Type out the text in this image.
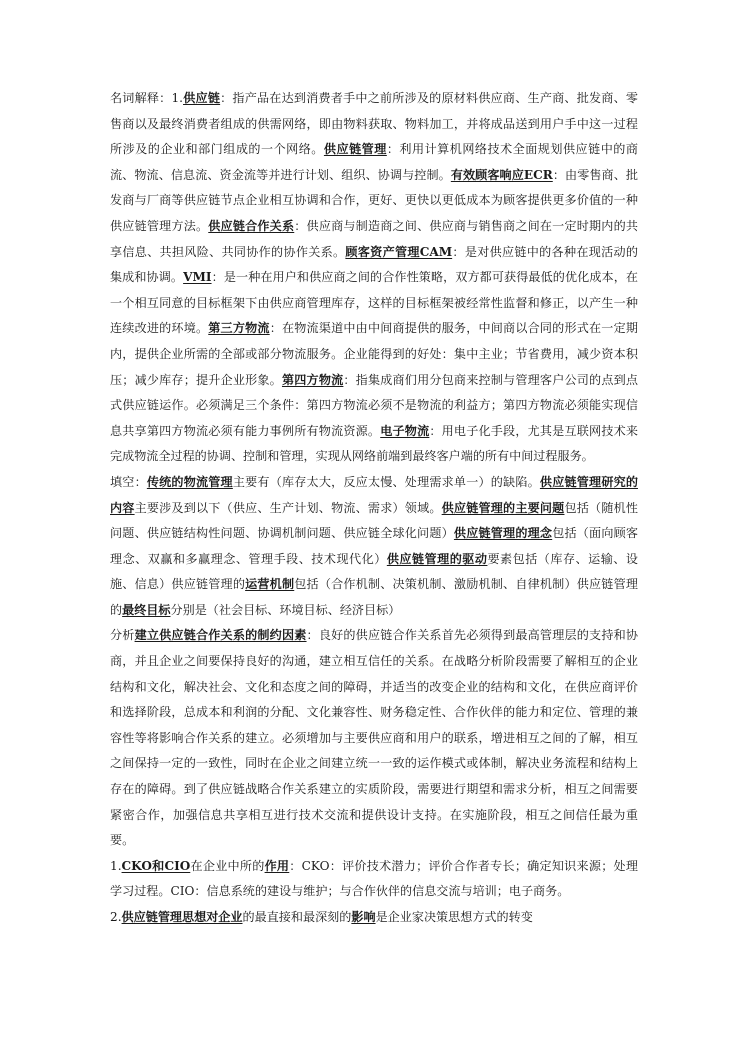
名词解释：1.供应链：指产品在达到消费者手中之前所涉及的原材料供应商、生产商、批发商、零售商以及最终消费者组成的供需网络，即由物料获取、物料加工，并将成品送到用户手中这一过程所涉及的企业和部门组成的一个网络。供应链管理：利用计算机网络技术全面规划供应链中的商流、物流、信息流、资金流等并进行计划、组织、协调与控制。有效顾客响应ECR：由零售商、批发商与厂商等供应链节点企业相互协调和合作，更好、更快以更低成本为顾客提供更多价值的一种供应链管理方法。供应链合作关系：供应商与制造商之间、供应商与销售商之间在一定时期内的共享信息、共担风险、共同协作的协作关系。顾客资产管理CAM：是对供应链中的各种在现活动的集成和协调。VMI：是一种在用户和供应商之间的合作性策略，双方都可获得最低的优化成本，在一个相互同意的目标框架下由供应商管理库存，这样的目标框架被经常性监督和修正，以产生一种连续改进的环境。第三方物流：在物流渠道中由中间商提供的服务，中间商以合同的形式在一定期内，提供企业所需的全部或部分物流服务。企业能得到的好处：集中主业；节省费用，减少资本积压；减少库存；提升企业形象。第四方物流：指集成商们用分包商来控制与管理客户公司的点到点式供应链运作。必须满足三个条件：第四方物流必须不是物流的利益方；第四方物流必须能实现信息共享第四方物流必须有能力事例所有物流资源。电子物流：用电子化手段，尤其是互联网技术来完成物流全过程的协调、控制和管理，实现从网络前端到最终客户端的所有中间过程服务。

填空：传统的物流管理主要有（库存太大，反应太慢、处理需求单一）的缺陷。供应链管理研究的内容主要涉及到以下（供应、生产计划、物流、需求）领域。供应链管理的主要问题包括（随机性问题、供应链结构性问题、协调机制问题、供应链全球化问题）供应链管理的理念包括（面向顾客理念、双赢和多赢理念、管理手段、技术现代化）供应链管理的驱动要素包括（库存、运输、设施、信息）供应链管理的运营机制包括（合作机制、决策机制、激励机制、自律机制）供应链管理的最终目标分别是（社会目标、环境目标、经济目标）

分析建立供应链合作关系的制约因素：良好的供应链合作关系首先必须得到最高管理层的支持和协商，并且企业之间要保持良好的沟通，建立相互信任的关系。在战略分析阶段需要了解相互的企业结构和文化，解决社会、文化和态度之间的障碍，并适当的改变企业的结构和文化，在供应商评价和选择阶段，总成本和利润的分配、文化兼容性、财务稳定性、合作伙伴的能力和定位、管理的兼容性等将影响合作关系的建立。必须增加与主要供应商和用户的联系，增进相互之间的了解，相互之间保持一定的一致性，同时在企业之间建立统一一致的运作模式或体制，解决业务流程和结构上存在的障碍。到了供应链战略合作关系建立的实质阶段，需要进行期望和需求分析，相互之间需要紧密合作，加强信息共享相互进行技术交流和提供设计支持。在实施阶段，相互之间信任最为重要。

1.CKO和CIO在企业中所的作用：CKO：评价技术潜力；评价合作者专长；确定知识来源；处理学习过程。CIO：信息系统的建设与维护；与合作伙伴的信息交流与培训；电子商务。

2.供应链管理思想对企业的最直接和最深刻的影响是企业家决策思想方式的转变
